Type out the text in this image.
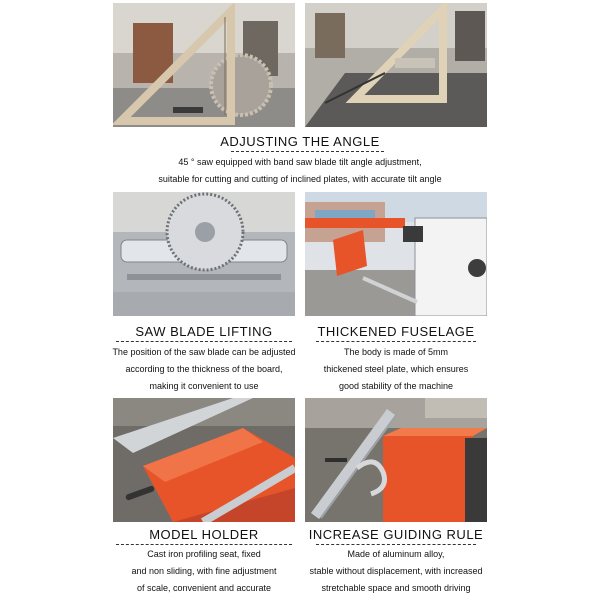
ADJUSTING THE ANGLE
45 ° saw equipped with band saw blade tilt angle adjustment,
suitable for cutting and cutting of inclined plates, with accurate tilt angle
SAW BLADE LIFTING
The position of the saw blade can be adjusted
according to the thickness of the board,
making it convenient to use
THICKENED FUSELAGE
The body is made of 5mm
thickened steel plate, which ensures
good stability of the machine
MODEL HOLDER
Cast iron profiling seat, fixed
and non sliding, with fine adjustment
of scale, convenient and accurate
INCREASE GUIDING RULE
Made of aluminum alloy,
stable without displacement, with increased
stretchable space and smooth driving
